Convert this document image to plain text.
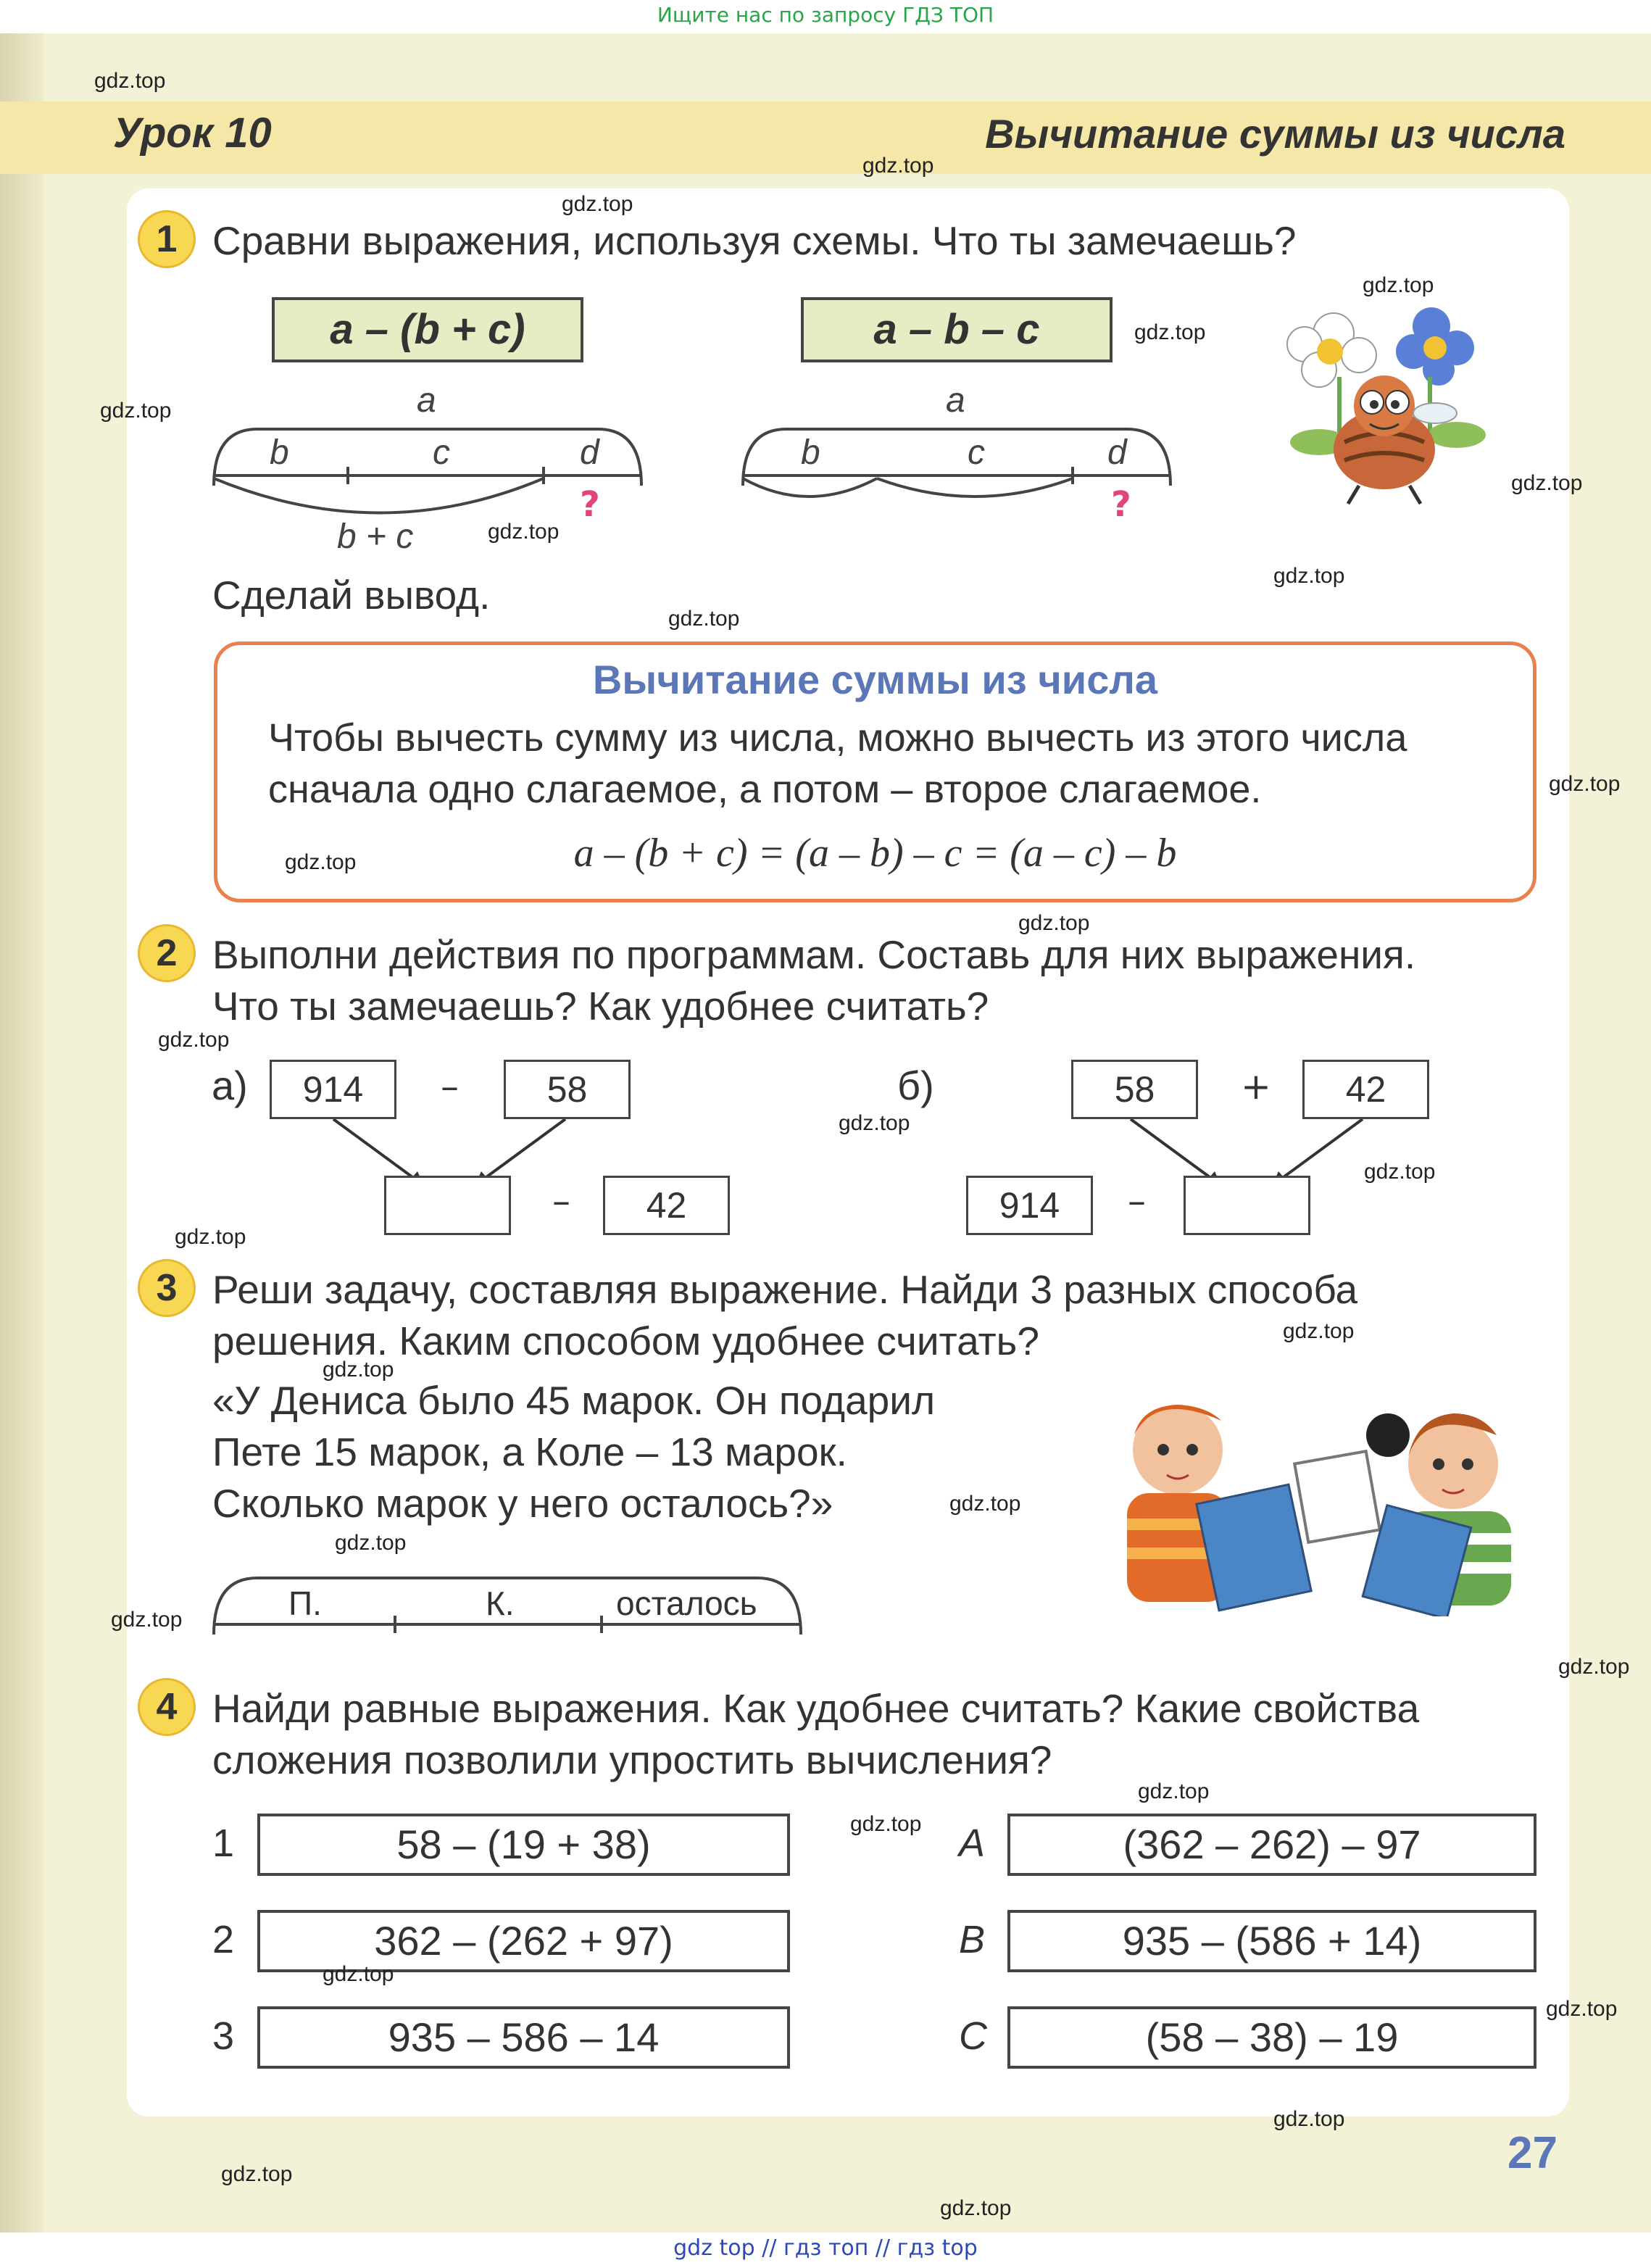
Ищите нас по запросу ГДЗ ТОП
Урок 10	Вычитание суммы из числа
1 Сравни выражения, используя схемы. Что ты замечаешь?
a – (b + c)	a – b – c
a
b	c	d
?
b + c
a
b	c	d
?
Сделай вывод.
Вычитание суммы из числа
Чтобы вычесть сумму из числа, можно вычесть из этого числа
сначала одно слагаемое, а потом – второе слагаемое.
a – (b + c) = (a – b) – c = (a – c) – b
2 Выполни действия по программам. Составь для них выражения.
Что ты замечаешь? Как удобнее считать?
а)	914	–	58
–	42
б)	58	+	42
914	–
3 Реши задачу, составляя выражение. Найди 3 разных способа
решения. Каким способом удобнее считать?
«У Дениса было 45 марок. Он подарил
Пете 15 марок, а Коле – 13 марок.
Сколько марок у него осталось?»
П.	К.	осталось
4 Найди равные выражения. Как удобнее считать? Какие свойства
сложения позволили упростить вычисления?
1	58 – (19 + 38)
2	362 – (262 + 97)
3	935 – 586 – 14
A	(362 – 262) – 97
B	935 – (586 + 14)
C	(58 – 38) – 19
27
gdz.top
gdz.top
gdz.top
gdz.top
gdz.top
gdz.top
gdz.top
gdz.top
gdz.top
gdz.top
gdz.top
gdz.top
gdz.top
gdz.top
gdz.top
gdz.top
gdz.top
gdz.top
gdz.top
gdz.top
gdz.top
gdz.top
gdz.top
gdz.top
gdz.top
gdz.top
gdz.top
gdz.top
gdz.top
gdz.top
gdz top // гдз топ // гдз top
